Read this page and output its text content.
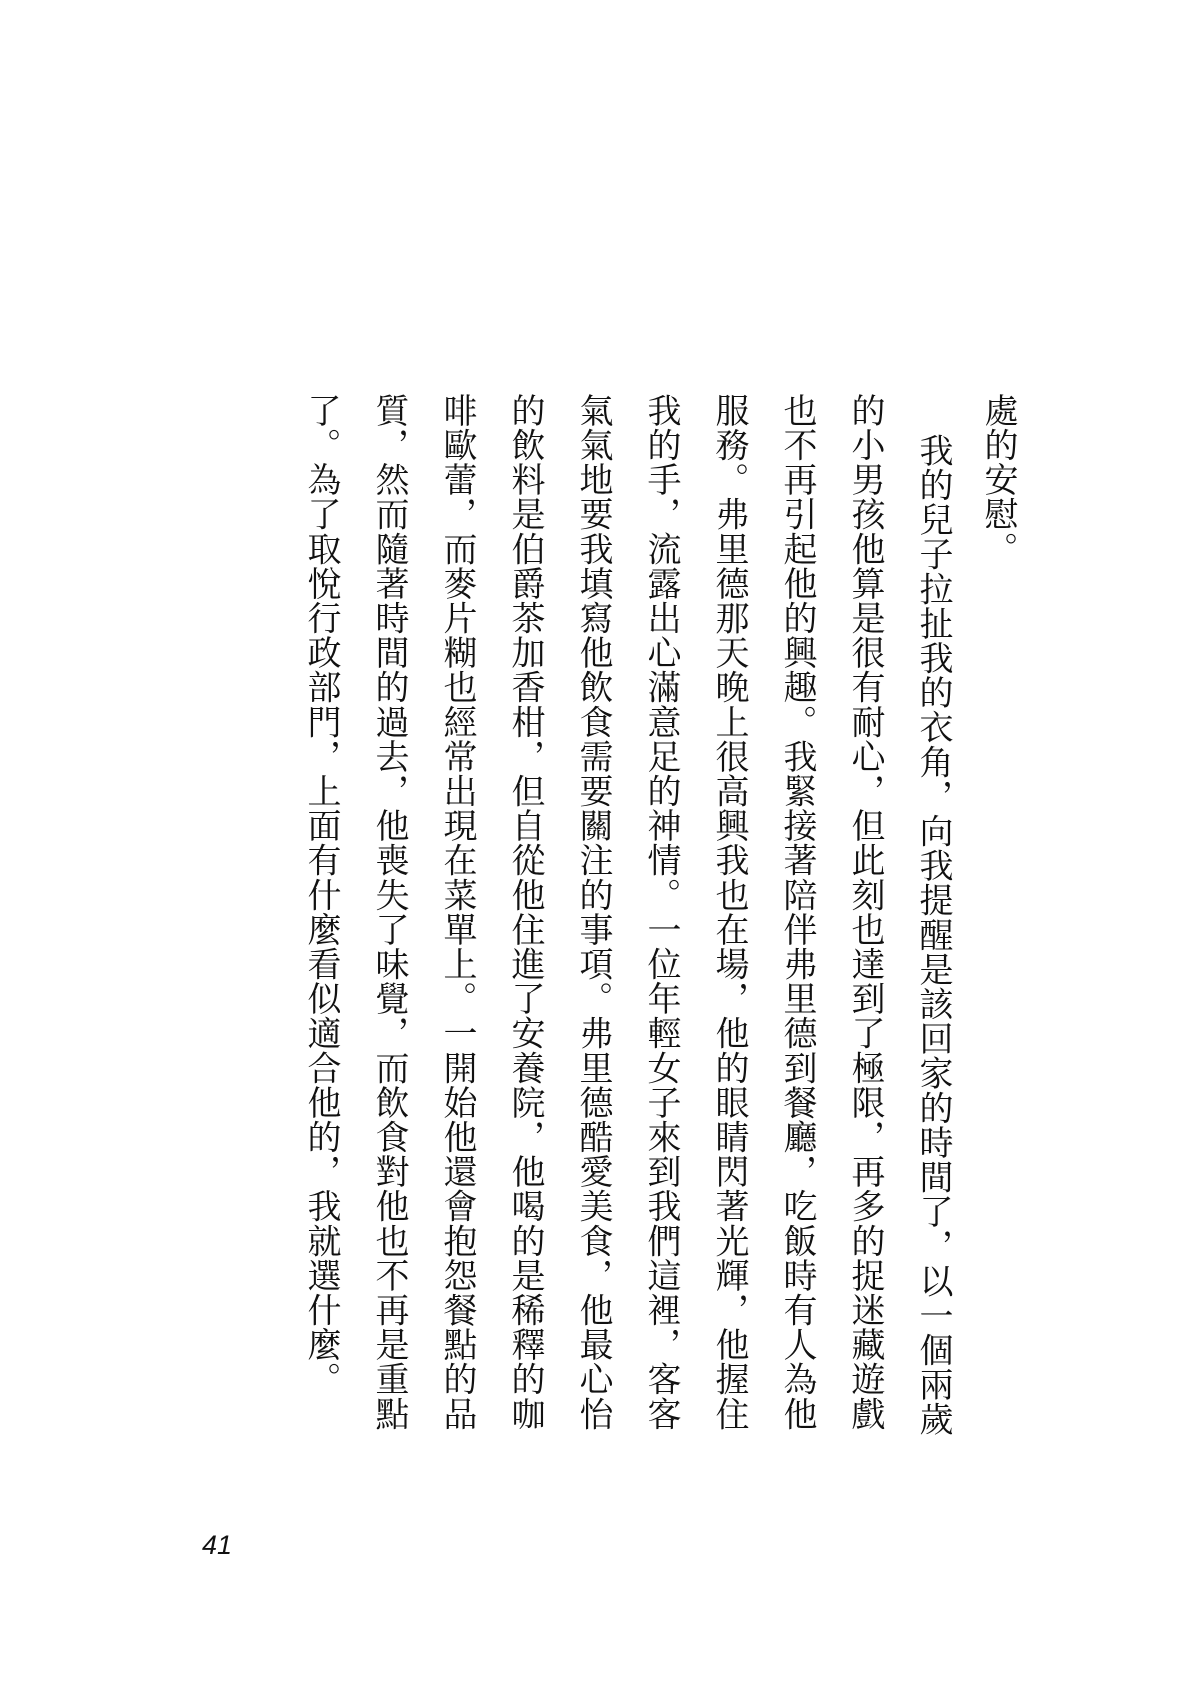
處的安慰。
我的兒子拉扯我的衣角，向我提醒是該回家的時間了，以一個兩歲
的小男孩他算是很有耐心，但此刻也達到了極限，再多的捉迷藏遊戲
也不再引起他的興趣。我緊接著陪伴弗里德到餐廳，吃飯時有人為他
服務。弗里德那天晚上很高興我也在場，他的眼睛閃著光輝，他握住
我的手，流露出心滿意足的神情。一位年輕女子來到我們這裡，客客
氣氣地要我填寫他飲食需要關注的事項。弗里德酷愛美食，他最心怡
的飲料是伯爵茶加香柑，但自從他住進了安養院，他喝的是稀釋的咖
啡歐蕾，而麥片糊也經常出現在菜單上。一開始他還會抱怨餐點的品
質，然而隨著時間的過去，他喪失了味覺，而飲食對他也不再是重點
了。為了取悅行政部門，上面有什麼看似適合他的，我就選什麼。
41
